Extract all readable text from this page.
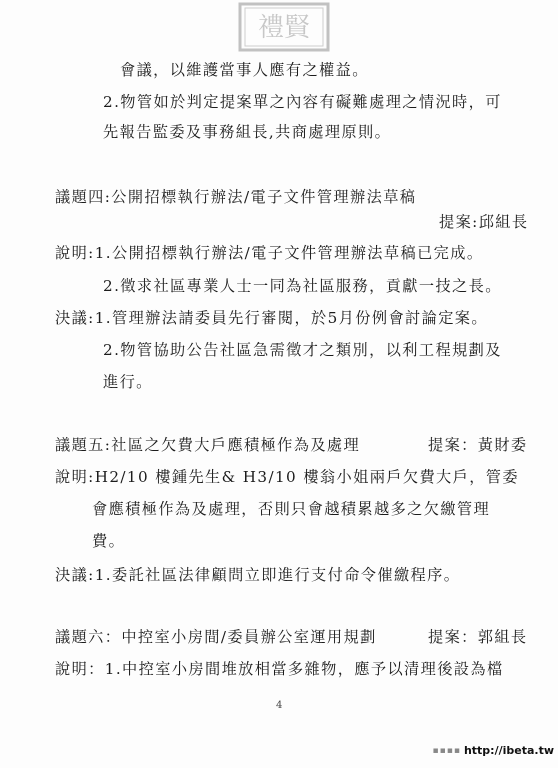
禮賢
會議，以維護當事人應有之權益。
2.物管如於判定提案單之內容有礙難處理之情況時，可
先報告監委及事務組長,共商處理原則。
議題四:公開招標執行辦法/電子文件管理辦法草稿
提案:邱組長
說明:1.公開招標執行辦法/電子文件管理辦法草稿已完成。
2.徵求社區專業人士一同為社區服務，貢獻一技之長。
決議:1.管理辦法請委員先行審閱，於5月份例會討論定案。
2.物管協助公告社區急需徵才之類別，以利工程規劃及
進行。
議題五:社區之欠費大戶應積極作為及處理	提案：黃財委
說明:H2/10 樓鍾先生& H3/10 樓翁小姐兩戶欠費大戶，管委
會應積極作為及處理，否則只會越積累越多之欠繳管理
費。
決議:1.委託社區法律顧問立即進行支付命令催繳程序。
議題六：中控室小房間/委員辦公室運用規劃	提案：郭組長
說明：1.中控室小房間堆放相當多雜物，應予以清理後設為檔
4
▪▪▪▪ http://ibeta.tw
